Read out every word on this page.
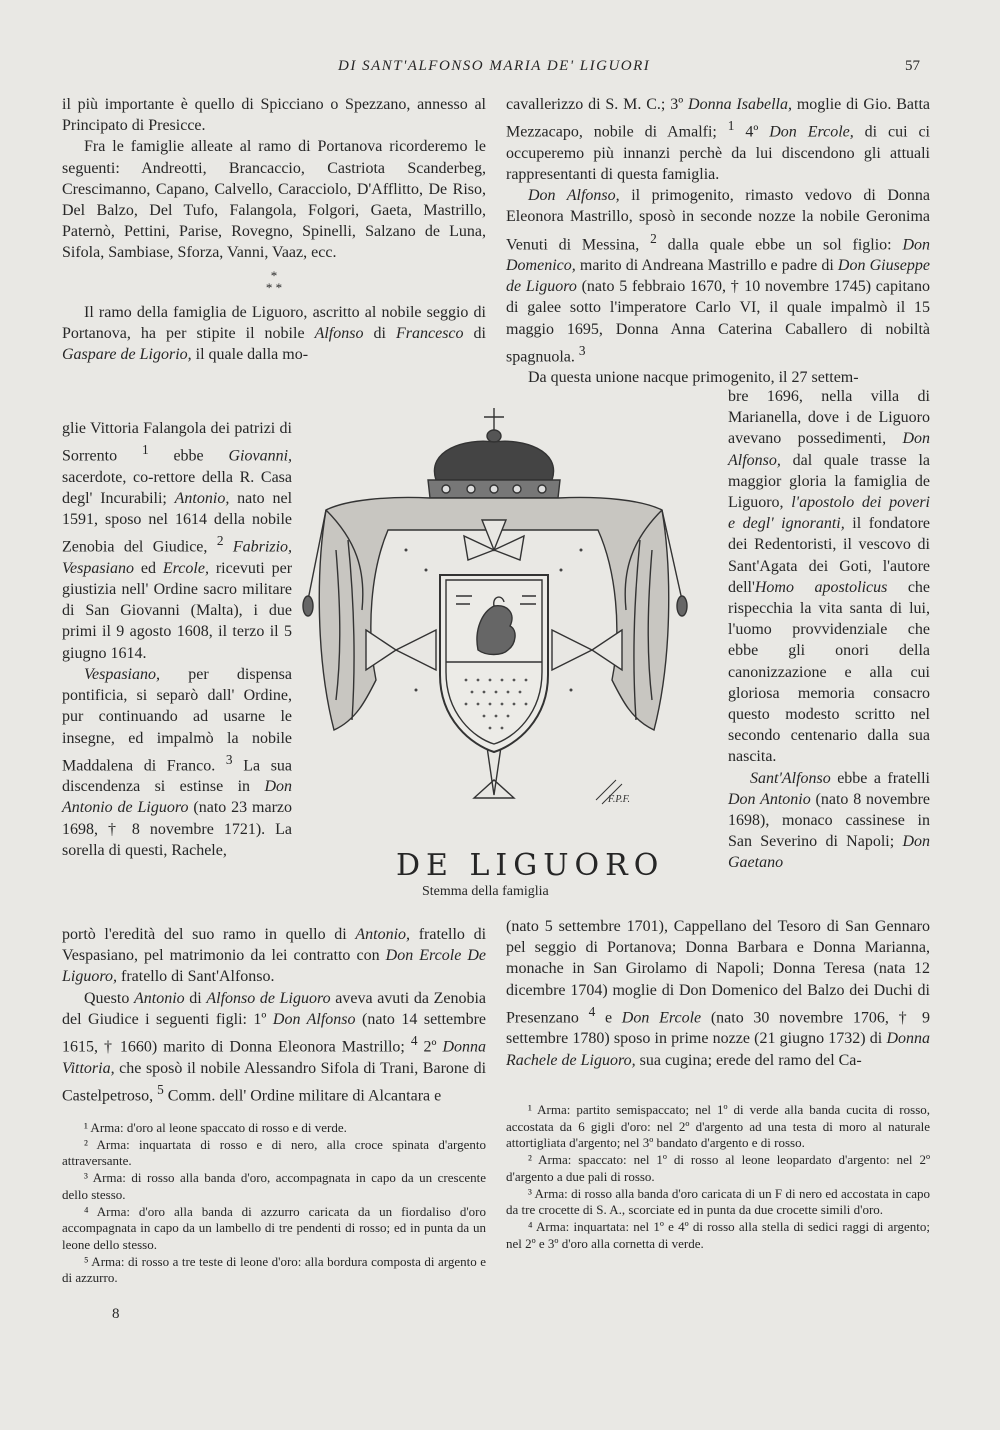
DI SANT'ALFONSO MARIA DE' LIGUORI	57

il più importante è quello di Spicciano o Spezzano, annesso al Principato di Presicce.

Fra le famiglie alleate al ramo di Portanova ricorderemo le seguenti: Andreotti, Brancaccio, Castriota Scanderbeg, Crescimanno, Capano, Calvello, Caracciolo, D'Afflitto, De Riso, Del Balzo, Del Tufo, Falangola, Folgori, Gaeta, Mastrillo, Paternò, Pettini, Parise, Rovegno, Spinelli, Salzano de Luna, Sifola, Sambiase, Sforza, Vanni, Vaaz, ecc.

*
* *

Il ramo della famiglia de Liguoro, ascritto al nobile seggio di Portanova, ha per stipite il nobile Alfonso di Francesco di Gaspare de Ligorio, il quale dalla mo-

glie Vittoria Falangola dei patrizi di Sorrento $^1$ ebbe Giovanni, sacerdote, co-rettore della R. Casa degl' Incurabili; Antonio, nato nel 1591, sposo nel 1614 della nobile Zenobia del Giudice, $^2$ Fabrizio, Vespasiano ed Ercole, ricevuti per giustizia nell' Ordine sacro militare di San Giovanni (Malta), i due primi il 9 agosto 1608, il terzo il 5 giugno 1614.

Vespasiano, per dispensa pontificia, si separò dall' Ordine, pur continuando ad usarne le insegne, ed impalmò la nobile Maddalena di Franco. $^3$ La sua discendenza si estinse in Don Antonio de Liguoro (nato 23 marzo 1698, † 8 novembre 1721). La sorella di questi, Rachele,

portò l'eredità del suo ramo in quello di Antonio, fratello di Vespasiano, pel matrimonio da lei contratto con Don Ercole De Liguoro, fratello di Sant'Alfonso.

Questo Antonio di Alfonso de Liguoro aveva avuti da Zenobia del Giudice i seguenti figli: 1º Don Alfonso (nato 14 settembre 1615, † 1660) marito di Donna Eleonora Mastrillo; $^4$ 2º Donna Vittoria, che sposò il nobile Alessandro Sifola di Trani, Barone di Castelpetroso, $^5$ Comm. dell' Ordine militare di Alcantara e

¹ Arma: d'oro al leone spaccato di rosso e di verde.

² Arma: inquartata di rosso e di nero, alla croce spinata d'argento attraversante.

³ Arma: di rosso alla banda d'oro, accompagnata in capo da un crescente dello stesso.

⁴ Arma: d'oro alla banda di azzurro caricata da un fiordaliso d'oro accompagnata in capo da un lambello di tre pendenti di rosso; ed in punta da un leone dello stesso.

⁵ Arma: di rosso a tre teste di leone d'oro: alla bordura composta di argento e di azzurro.

8

cavallerizzo di S. M. C.; 3º Donna Isabella, moglie di Gio. Batta Mezzacapo, nobile di Amalfi; $^1$ 4º Don Ercole, di cui ci occuperemo più innanzi perchè da lui discendono gli attuali rappresentanti di questa famiglia.

Don Alfonso, il primogenito, rimasto vedovo di Donna Eleonora Mastrillo, sposò in seconde nozze la nobile Geronima Venuti di Messina, $^2$ dalla quale ebbe un sol figlio: Don Domenico, marito di Andreana Mastrillo e padre di Don Giuseppe de Liguoro (nato 5 febbraio 1670, † 10 novembre 1745) capitano di galee sotto l'imperatore Carlo VI, il quale impalmò il 15 maggio 1695, Donna Anna Caterina Caballero di nobiltà spagnuola. $^3$

Da questa unione nacque primogenito, il 27 settem-

bre 1696, nella villa di Marianella, dove i de Liguoro avevano possedimenti, Don Alfonso, dal quale trasse la maggior gloria la famiglia de Liguoro, l'apostolo dei poveri e degl' ignoranti, il fondatore dei Redentoristi, il vescovo di Sant'Agata dei Goti, l'autore dell'Homo apostolicus che rispecchia la vita santa di lui, l'uomo provvidenziale che ebbe gli onori della canonizzazione e alla cui gloriosa memoria consacro questo modesto scritto nel secondo centenario dalla sua nascita.

Sant'Alfonso ebbe a fratelli Don Antonio (nato 8 novembre 1698), monaco cassinese in San Severino di Napoli; Don Gaetano

(nato 5 settembre 1701), Cappellano del Tesoro di San Gennaro pel seggio di Portanova; Donna Barbara e Donna Marianna, monache in San Girolamo di Napoli; Donna Teresa (nata 12 dicembre 1704) moglie di Don Domenico del Balzo dei Duchi di Presenzano $^4$ e Don Ercole (nato 30 novembre 1706, † 9 settembre 1780) sposo in prime nozze (21 giugno 1732) di Donna Rachele de Liguoro, sua cugina; erede del ramo del Ca-

¹ Arma: partito semispaccato; nel 1º di verde alla banda cucita di rosso, accostata da 6 gigli d'oro: nel 2º d'argento ad una testa di moro al naturale attortigliata d'argento; nel 3º bandato d'argento e di rosso.

² Arma: spaccato: nel 1º di rosso al leone leopardato d'argento: nel 2º d'argento a due pali di rosso.

³ Arma: di rosso alla banda d'oro caricata di un F di nero ed accostata in capo da tre crocette di S. A., scorciate ed in punta da due crocette simili d'oro.

⁴ Arma: inquartata: nel 1º e 4º di rosso alla stella di sedici raggi di argento; nel 2º e 3º d'oro alla cornetta di verde.

F.P.F.
DE LIGUORO
Stemma della famiglia
